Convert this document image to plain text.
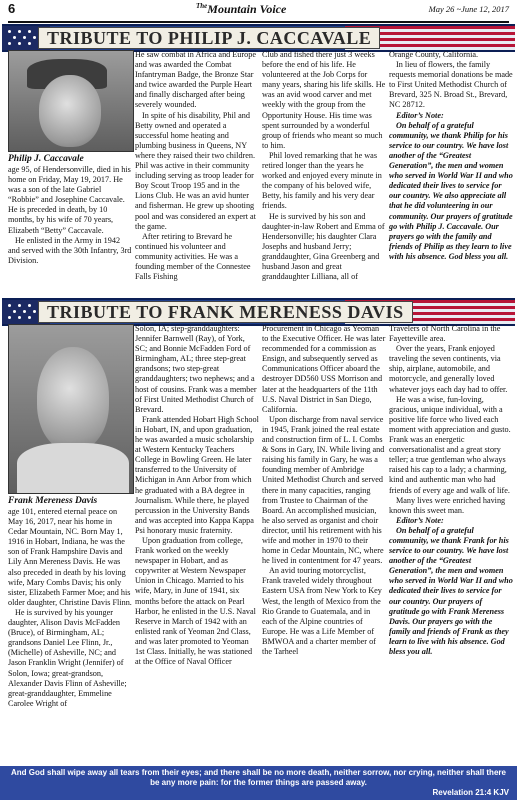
6	$^{The}$Mountain Voice	May 26 ~June 12, 2017
TRIBUTE TO PHILIP J. CACCAVALE
Philip J. Caccavale

age 95, of Hendersonville, died in his home on Friday, May 19, 2017. He was a son of the late Gabriel “Robbie” and Josephine Caccavale. He is preceded in death, by 10 months, by his wife of 70 years, Elizabeth “Betty” Caccavale.

He enlisted in the Army in 1942 and served with the 30th Infantry, 3rd Division.

He saw combat in Africa and Europe and was awarded the Combat Infantryman Badge, the Bronze Star and twice awarded the Purple Heart and finally discharged after being severely wounded.

In spite of his disability, Phil and Betty owned and operated a successful home heating and plumbing business in Queens, NY where they raised their two children. Phil was active in their community including serving as troop leader for Boy Scout Troop 195 and in the Lions Club. He was an avid hunter and fisherman. He grew up shooting pool and was considered an expert at the game.

After retiring to Brevard he continued his volunteer and community activities. He was a founding member of the Connestee Falls Fishing

Club and fished there just 3 weeks before the end of his life. He volunteered at the Job Corps for many years, sharing his life skills. He was an avid wood carver and met weekly with the group from the Opportunity House. His time was spent surrounded by a wonderful group of friends who meant so much to him.

Phil loved remarking that he was retired longer than the years he worked and enjoyed every minute in the company of his beloved wife, Betty, his family and his very dear friends.

He is survived by his son and daughter-in-law Robert and Emma of Hendersonville; his daughter Clara Josephs and husband Jerry; granddaughter, Gina Greenberg and husband Jason and great granddaughter Lilliana, all of

Orange County, California.

In lieu of flowers, the family requests memorial donations be made to First United Methodist Church of Brevard, 325 N. Broad St., Brevard, NC 28712.

Editor’s Note:

On behalf of a grateful community, we thank Philip for his service to our country. We have lost another of the “Greatest Generation”, the men and women who served in World War II and who dedicated their lives to service for our country. We also appreciate all that he did volunteering in our community. Our prayers of gratitude go with Philip J. Caccavale. Our prayers go with the family and friends of Philip as they learn to live with his absence. God bless you all.

TRIBUTE TO FRANK MERENESS DAVIS
Frank Mereness Davis

age 101, entered eternal peace on May 16, 2017, near his home in Cedar Mountain, NC. Born May 1, 1916 in Hobart, Indiana, he was the son of Frank Hampshire Davis and Lily Ann Mereness Davis. He was also preceded in death by his loving wife, Mary Combs Davis; his only sister, Elizabeth Farmer Moe; and his older daughter, Christine Davis Flinn.

He is survived by his younger daughter, Alison Davis McFadden (Bruce), of Birmingham, AL; grandsons Daniel Lee Flinn, Jr., (Michelle) of Asheville, NC; and Jason Franklin Wright (Jennifer) of Solon, Iowa; great-grandson, Alexander Davis Flinn of Asheville; great-granddaughter, Emmeline Carolee Wright of

Solon, IA; step-granddaughters: Jennifer Barnwell (Ray), of York, SC; and Bonnie McFadden Ford of Birmingham, AL; three step-great grandsons; two step-great granddaughters; two nephews; and a host of cousins. Frank was a member of First United Methodist Church of Brevard.

Frank attended Hobart High School in Hobart, IN, and upon graduation, he was awarded a music scholarship at Western Kentucky Teachers College in Bowling Green. He later transferred to the University of Michigan in Ann Arbor from which he graduated with a BA degree in Journalism. While there, he played percussion in the University Bands and was accepted into Kappa Kappa Psi honorary music fraternity.

Upon graduation from college, Frank worked on the weekly newspaper in Hobart, and as copywriter at Western Newspaper Union in Chicago. Married to his wife, Mary, in June of 1941, six months before the attack on Pearl Harbor, he enlisted in the U.S. Naval Reserve in March of 1942 with an enlisted rank of Yeoman 2nd Class, and was later promoted to Yeoman 1st Class. Initially, he was stationed at the Office of Naval Officer

Procurement in Chicago as Yeoman to the Executive Officer. He was later recommended for a commission as Ensign, and subsequently served as Communications Officer aboard the destroyer DD560 USS Morrison and later at the headquarters of the 11th U.S. Naval District in San Diego, California.

Upon discharge from naval service in 1945, Frank joined the real estate and construction firm of L. I. Combs & Sons in Gary, IN. While living and raising his family in Gary, he was a founding member of Ambridge United Methodist Church and served there in many capacities, ranging from Trustee to Chairman of the Board. An accomplished musician, he also served as organist and choir director, until his retirement with his wife and mother in 1970 to their home in Cedar Mountain, NC, where he lived in contentment for 47 years.

An avid touring motorcyclist, Frank traveled widely throughout Eastern USA from New York to Key West, the length of Mexico from the Rio Grande to Guatemala, and in each of the Alpine countries of Europe. He was a Life Member of BMWOA and a charter member of the Tarheel

Travelers of North Carolina in the Fayetteville area.

Over the years, Frank enjoyed traveling the seven continents, via ship, airplane, automobile, and motorcycle, and generally loved whatever joys each day had to offer.

He was a wise, fun-loving, gracious, unique individual, with a positive life force who lived each moment with appreciation and gusto. Frank was an energetic conversationalist and a great story teller; a true gentleman who always raised his cap to a lady; a charming, kind and authentic man who had friends of every age and walk of life.

Many lives were enriched having known this sweet man.

Editor’s Note:

On behalf of a grateful community, we thank Frank for his service to our country. We have lost another of the “Greatest Generation”, the men and women who served in World War II and who dedicated their lives to service for our country. Our prayers of gratitude go with Frank Mereness Davis. Our prayers go with the family and friends of Frank as they learn to live with his absence. God bless you all.

And God shall wipe away all tears from their eyes; and there shall be no more death, neither sorrow, nor crying, neither shall there be any more pain: for the former things are passed away.
Revelation 21:4 KJV
